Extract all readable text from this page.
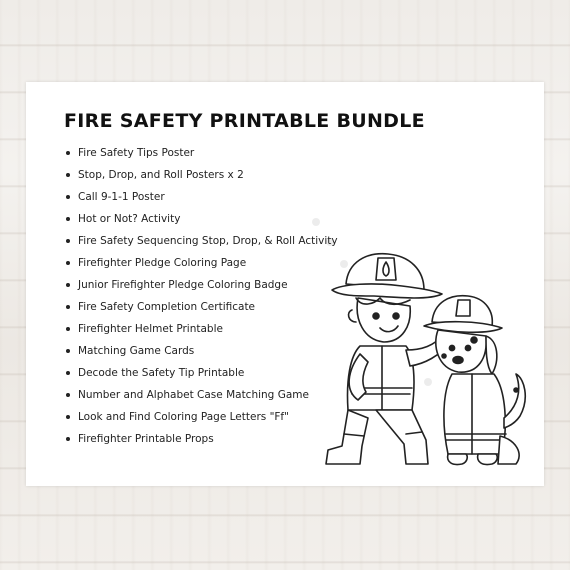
FIRE SAFETY PRINTABLE BUNDLE
Fire Safety Tips Poster
Stop, Drop, and Roll Posters x 2
Call 9-1-1 Poster
Hot or Not? Activity
Fire Safety Sequencing Stop, Drop, & Roll Activity
Firefighter Pledge Coloring Page
Junior Firefighter Pledge Coloring Badge
Fire Safety Completion Certificate
Firefighter Helmet Printable
Matching Game Cards
Decode the Safety Tip Printable
Number and Alphabet Case Matching Game
Look and Find Coloring Page Letters "Ff"
Firefighter Printable Props
